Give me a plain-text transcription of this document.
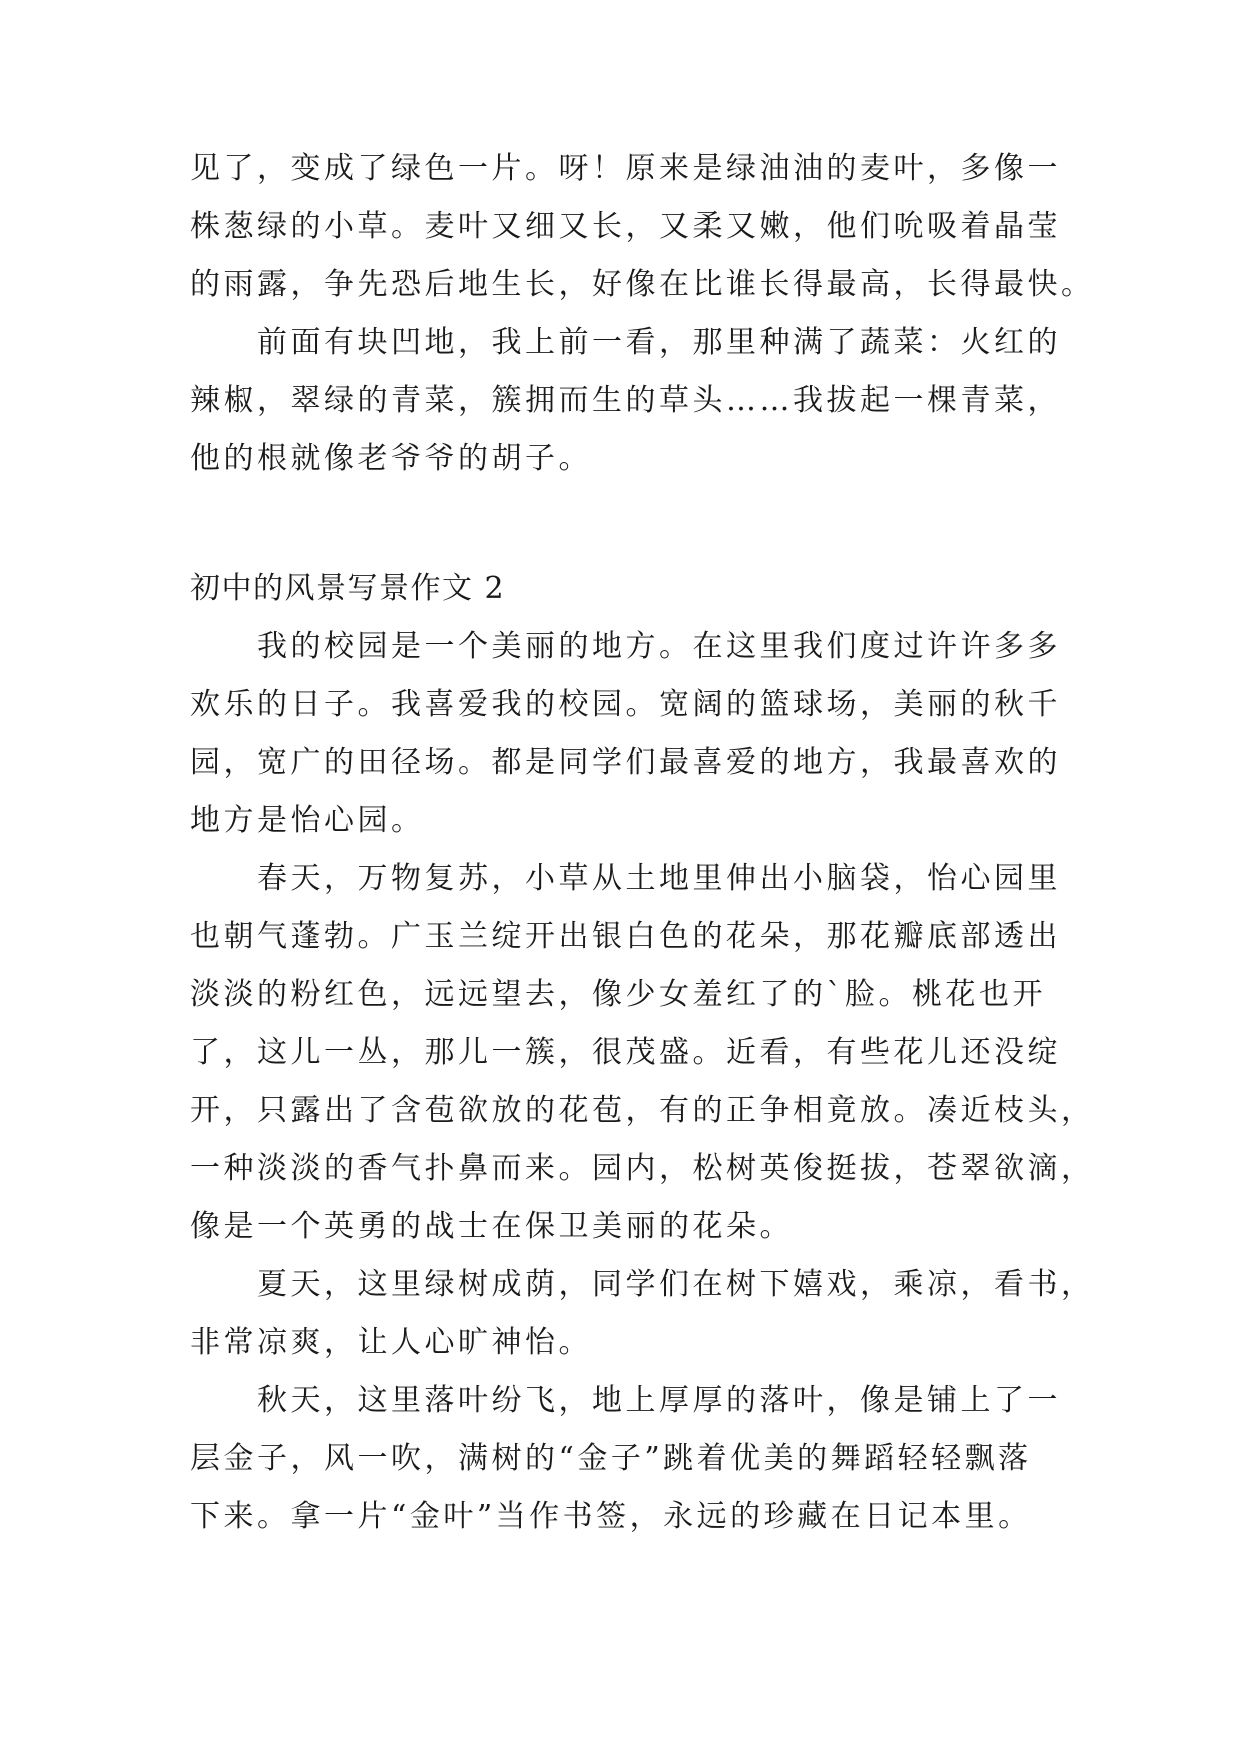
见了，变成了绿色一片。呀！原来是绿油油的麦叶，多像一
株葱绿的小草。麦叶又细又长，又柔又嫩，他们吮吸着晶莹
的雨露，争先恐后地生长，好像在比谁长得最高，长得最快。
前面有块凹地，我上前一看，那里种满了蔬菜：火红的
辣椒，翠绿的青菜，簇拥而生的草头……我拔起一棵青菜，
他的根就像老爷爷的胡子。
初中的风景写景作文 2
我的校园是一个美丽的地方。在这里我们度过许许多多
欢乐的日子。我喜爱我的校园。宽阔的篮球场，美丽的秋千
园，宽广的田径场。都是同学们最喜爱的地方，我最喜欢的
地方是怡心园。
春天，万物复苏，小草从土地里伸出小脑袋，怡心园里
也朝气蓬勃。广玉兰绽开出银白色的花朵，那花瓣底部透出
淡淡的粉红色，远远望去，像少女羞红了的`脸。桃花也开
了，这儿一丛，那儿一簇，很茂盛。近看，有些花儿还没绽
开，只露出了含苞欲放的花苞，有的正争相竟放。凑近枝头，
一种淡淡的香气扑鼻而来。园内，松树英俊挺拔，苍翠欲滴，
像是一个英勇的战士在保卫美丽的花朵。
夏天，这里绿树成荫，同学们在树下嬉戏，乘凉，看书，
非常凉爽，让人心旷神怡。
秋天，这里落叶纷飞，地上厚厚的落叶，像是铺上了一
层金子，风一吹，满树的“金子”跳着优美的舞蹈轻轻飘落
下来。拿一片“金叶”当作书签，永远的珍藏在日记本里。
